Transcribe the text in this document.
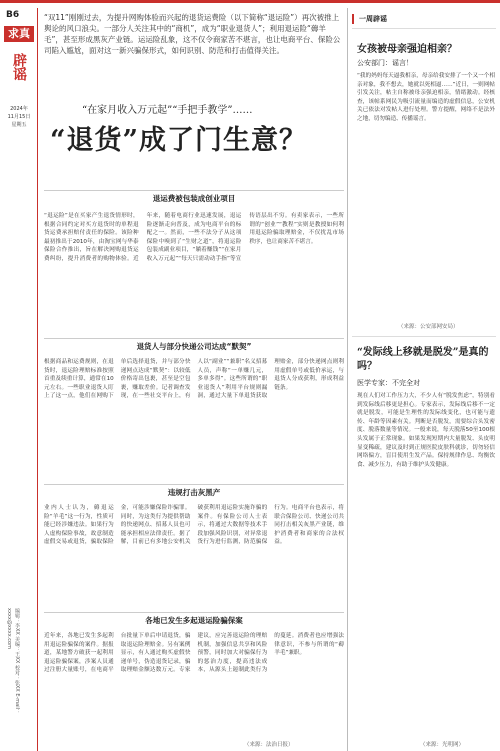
B6
求真
辟谣
2024年
11月15日
星期五
编辑：李XX 美编：王XX 校对：张XX E-mail：xxxx@xxxx.com
“双11”刚刚过去，为提升网购体验而兴起的退货运费险（以下简称“退运险”）再次被推上舆论的风口浪尖。一部分人关注其中的“商机”，成为“职业退货人”；利用退运险“薅羊毛”，甚至形成黑灰产业链。运运险乱象，这不仅令商家苦不堪言，也让电商平台、保险公司陷入尴尬，面对这一新兴骗保形式，如何识别、防范和打击值得关注。
“在家月收入万元起”“手把手教学”……
“退货”成了门生意？
退运费被包装成创业项目
“退运险”是在买家产生退货情形时，根据合同约定对买方退货时的单程退货运费承担赔付责任的保险。该险种最初推出于2010年，由淘宝网与华泰保险合作推出，旨在解决网购退货运费纠纷，提升消费者的购物体验。近年来，随着电商行业迅速发展，退运险逐渐走向普及，成为电商平台的标配之一。然而，一些不法分子从这项保险中嗅到了“生财之道”，将退运险包装成副业项目，“躺着赚钱”“在家月收入万元起”“每天只需动动手指”等宣传语层出不穷。有卖家表示，一些所谓的“创业”“教程”实则是教授如何利用退运险骗取理赔金，不仅扰乱市场秩序，也让商家苦不堪言。
退货人与部分快递公司达成“默契”
根据商品和运费规则，在退货时，退运险理赔标准按照首重及续重计算，通常在10元左右。一些职业退货人盯上了这一点，他们在网购下单后选择退货，并与部分快递网点达成“默契”：以较低价格寄出包裹，甚至是空包裹，赚取差价。记者调查发现，在一些社交平台上，有人以“副业”“兼职”名义招募人员，声称“一单赚几元，多单多得”。这些所谓的“职业退货人”利用平台规则漏洞，通过大量下单退货获取理赔金，部分快递网点则利用虚假单号或低价承运，与退货人分成获利，形成利益链条。
违规打击灰黑产
业内人士认为，薅退运险“羊毛”这一行为，性质可能已经涉嫌违法。如果行为人虚构保险事故，故意制造虚假交易或退货，骗取保险金，可能涉嫌保险诈骗罪。同时，为这类行为提供帮助的快递网点、招募人员也可能承担相应法律责任。据了解，目前已有多地公安机关破获利用退运险实施诈骗的案件。有保险公司人士表示，将通过大数据等技术手段加强风险识别，对异常退货行为进行监测，防范骗保行为。电商平台也表示，将联合保险公司、快递公司共同打击相关灰黑产业链，维护消费者和商家的合法权益。
各地已发生多起退运险骗保案
近年来，各地已发生多起利用退运险骗保的案件。据报道，某地警方破获一起利用退运险骗保案，涉案人员通过注册大量账号，在电商平台批量下单后申请退货，骗取退运险理赔金。另有案例显示，有人通过购买虚假快递单号，伪造退货记录，骗取理赔金额达数万元。专家建议，应完善退运险的理赔机制，加强信息共享和风险预警，同时加大对骗保行为的惩治力度，提高违法成本，从源头上遏制此类行为的蔓延。消费者也应增强法律意识，不参与所谓的“薅羊毛”兼职。
（来源：法治日报）
一周辟谣
女孩被母亲强迫相亲？
公安部门：谣言！
“我的妈妈每天逼我相亲，母亲给我安排了一个又一个相亲对象，我不想去，她就以死相逼……”近日，一则网帖引发关注，帖主自称被母亲强迫相亲，情绪激动。经核查，该帖系网民为吸引流量而编造的虚假信息，公安机关已依法对发帖人进行处理。警方提醒，网络不是法外之地，切勿编造、传播谣言。
（来源：公安部网安局）
“发际线上移就是脱发”是真的吗？
医学专家：不完全对
现在人们对工作压力大，不少人有“脱发焦虑”，特别看到发际线后移更是担心。专家表示，发际线后移不一定就是脱发，可能是生理性的发际线变化，也可能与遗传、年龄等因素有关。判断是否脱发，需要综合头发密度、脱落数量等情况。一般来说，每天脱落50至100根头发属于正常现象。如果发现短期内大量脱发、头皮明显变稀疏，建议及时到正规医院皮肤科就诊，切勿轻信网络偏方，盲目使用生发产品。保持规律作息、均衡饮食、减少压力，有助于维护头发健康。
（来源：光明网）
